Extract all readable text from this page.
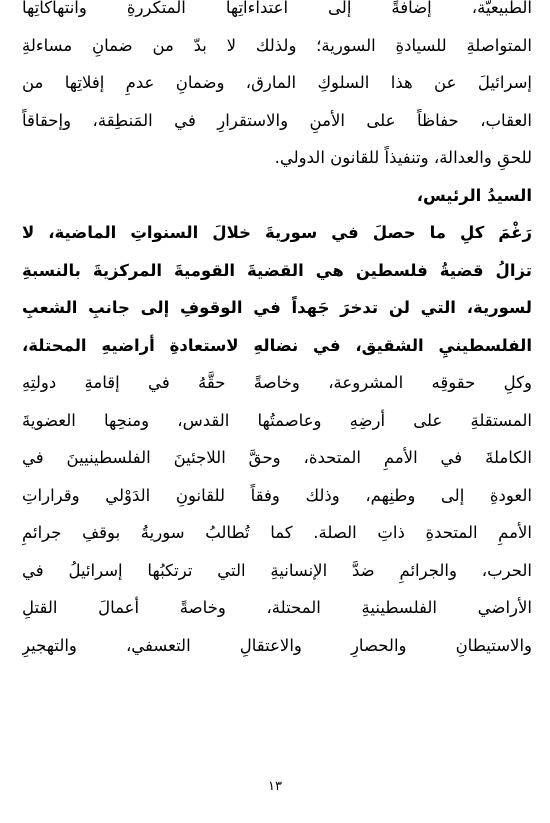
الطبيعيّة، إضافةً إلى اعتداءاتِها المتكررةِ وانتهاكاتِها
المتواصلةِ للسيادةِ السورية؛ ولذلك لا بدّ من ضمانِ مساءلةِ
إسرائيلَ عن هذا السلوكِ المارق، وضمانِ عدمِ إفلاتِها من
العقاب، حفاظاً على الأمنِ والاستقرارِ في المَنطِقة، وإحقاقاً
للحقِ والعدالة، وتنفيذاً للقانون الدولي.
السيدُ الرئيس،
رَغْمَ كلِ ما حصلَ في سوريةَ خلالَ السنواتِ الماضية، لا
تزالُ قضيةُ فلسطين هي القضيةَ القوميةَ المركزيةَ بالنسبةِ
لسورية، التي لن تدخرَ جَهداً في الوقوفِ إلى جانبِ الشعبِ
الفلسطينيِ الشقيق، في نضالهِ لاستعادةِ أراضيهِ المحتلة،
وكلِ حقوقِه المشروعة، وخاصةً حقَّهُ في إقامةِ دولتِهِ
المستقلةِ على أرضِهِ وعاصمتُها القدس، ومنحِها العضويةَ
الكاملةَ في الأممِ المتحدة، وحقَّ اللاجئينَ الفلسطينيينَ في
العودةِ إلى وطنِهم، وذلك وفقاً للقانونِ الدَوْلي وقراراتِ
الأممِ المتحدةِ ذاتِ الصلة. كما تُطالبُ سوريةُ بوقفِ جرائمِ
الحرب، والجرائمِ ضدَّ الإنسانيةِ التي ترتكبُها إسرائيلُ في
الأراضي الفلسطينيةِ المحتلة، وخاصةً أعمالَ القتلِ
والاستيطانِ والحصارِ والاعتقالِ التعسفي، والتهجيرِ
١٣
